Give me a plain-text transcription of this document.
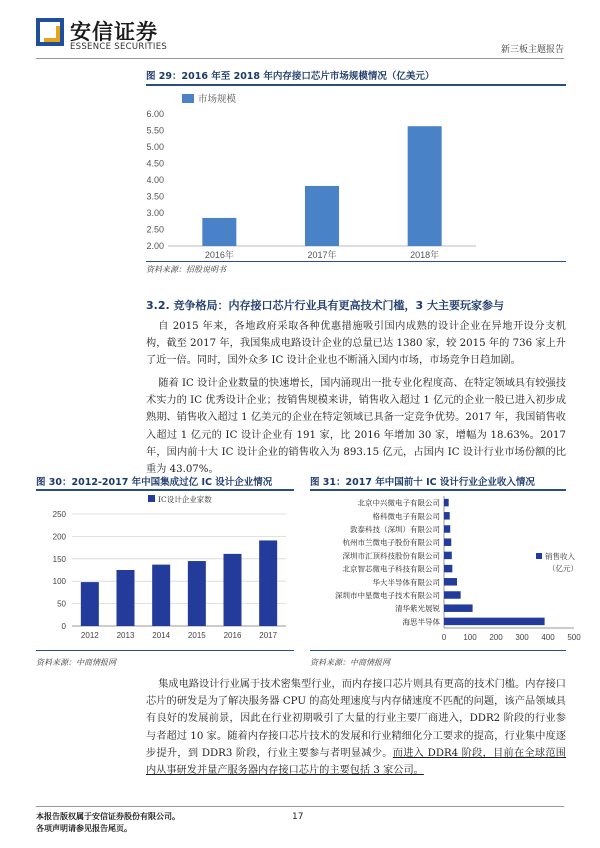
安信证券
ESSENCE SECURITIES	新三板主题报告
图 29：2016 年至 2018 年内存接口芯片市场规模情况（亿美元）
2.00
2.50
3.00
3.50
4.00
4.50
5.00
5.50
6.00
2016年	2017年	2018年
市场规模
资料来源：招股说明书
3.2. 竞争格局：内存接口芯片行业具有更高技术门槛，3 大主要玩家参与

自 2015 年来，各地政府采取各种优惠措施吸引国内成熟的设计企业在异地开设分支机构，截至 2017 年，我国集成电路设计企业的总量已达 1380 家，较 2015 年的 736 家上升了近一倍。同时，国外众多 IC 设计企业也不断涌入国内市场，市场竞争日趋加剧。

随着 IC 设计企业数量的快速增长，国内涌现出一批专业化程度高、在特定领域具有较强技术实力的 IC 优秀设计企业；按销售规模来讲，销售收入超过 1 亿元的企业一般已进入初步成熟期、销售收入超过 1 亿美元的企业在特定领域已具备一定竞争优势。2017 年，我国销售收入超过 1 亿元的 IC 设计企业有 191 家，比 2016 年增加 30 家，增幅为 18.63%。2017 年，国内前十大 IC 设计企业的销售收入为 893.15 亿元，占国内 IC 设计行业市场份额的比重为 43.07%。

图 30：2012-2017 年中国集成过亿 IC 设计企业情况
0
50
100
150
200
250
2012 2013 2014 2015 2016 2017
IC设计企业家数
资料来源：中商情报网
图 31：2017 年中国前十 IC 设计行业企业收入情况
0 100 200 300 400 500
北京中兴微电子有限公司
格科微电子有限公司
敦泰科技（深圳）有限公司
杭州市兰微电子股份有限公司
深圳市汇顶科技股份有限公司
北京智芯微电子科技有限公司
华大半导体有限公司
深圳市中星微电子技术有限公司
清华紫光展锐
海思半导体
销售收入
（亿元）
资料来源：中商情报网

集成电路设计行业属于技术密集型行业，而内存接口芯片则具有更高的技术门槛。内存接口芯片的研发是为了解决服务器 CPU 的高处理速度与内存储速度不匹配的问题，该产品领域具有良好的发展前景，因此在行业初期吸引了大量的行业主要厂商进入，DDR2 阶段的行业参与者超过 10 家。随着内存接口芯片技术的发展和行业精细化分工要求的提高，行业集中度逐步提升，到 DDR3 阶段，行业主要参与者明显减少。而进入 DDR4 阶段，目前在全球范围内从事研发并量产服务器内存接口芯片的主要包括 3 家公司。

本报告版权属于安信证券股份有限公司。
各项声明请参见报告尾页。
17
